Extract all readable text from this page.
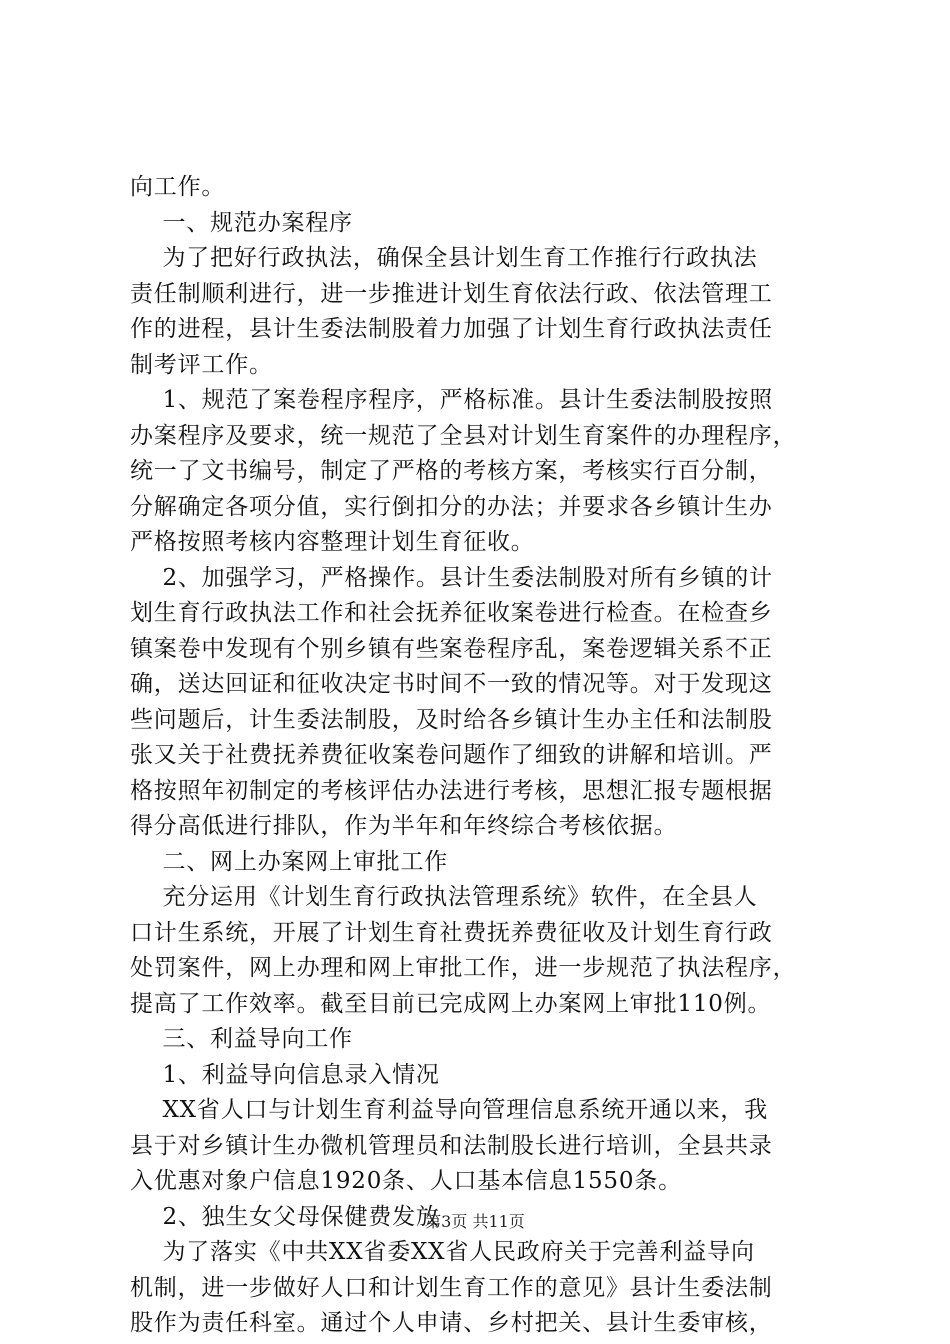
向工作。
一、规范办案程序
为了把好行政执法，确保全县计划生育工作推行行政执法
责任制顺利进行，进一步推进计划生育依法行政、依法管理工
作的进程，县计生委法制股着力加强了计划生育行政执法责任
制考评工作。
1、规范了案卷程序程序，严格标准。县计生委法制股按照
办案程序及要求，统一规范了全县对计划生育案件的办理程序，
统一了文书编号，制定了严格的考核方案，考核实行百分制，
分解确定各项分值，实行倒扣分的办法；并要求各乡镇计生办
严格按照考核内容整理计划生育征收。
2、加强学习，严格操作。县计生委法制股对所有乡镇的计
划生育行政执法工作和社会抚养征收案卷进行检查。在检查乡
镇案卷中发现有个别乡镇有些案卷程序乱，案卷逻辑关系不正
确，送达回证和征收决定书时间不一致的情况等。对于发现这
些问题后，计生委法制股，及时给各乡镇计生办主任和法制股
张又关于社费抚养费征收案卷问题作了细致的讲解和培训。严
格按照年初制定的考核评估办法进行考核，思想汇报专题根据
得分高低进行排队，作为半年和年终综合考核依据。
二、网上办案网上审批工作
充分运用《计划生育行政执法管理系统》软件，在全县人
口计生系统，开展了计划生育社费抚养费征收及计划生育行政
处罚案件，网上办理和网上审批工作，进一步规范了执法程序，
提高了工作效率。截至目前已完成网上办案网上审批110例。
三、利益导向工作
1、利益导向信息录入情况
XX省人口与计划生育利益导向管理信息系统开通以来，我
县于对乡镇计生办微机管理员和法制股长进行培训，全县共录
入优惠对象户信息1920条、人口基本信息1550条。
2、独生女父母保健费发放
为了落实《中共XX省委XX省人民政府关于完善利益导向
机制，进一步做好人口和计划生育工作的意见》县计生委法制
股作为责任科室。通过个人申请、乡村把关、县计生委审核，
第3页 共11页
